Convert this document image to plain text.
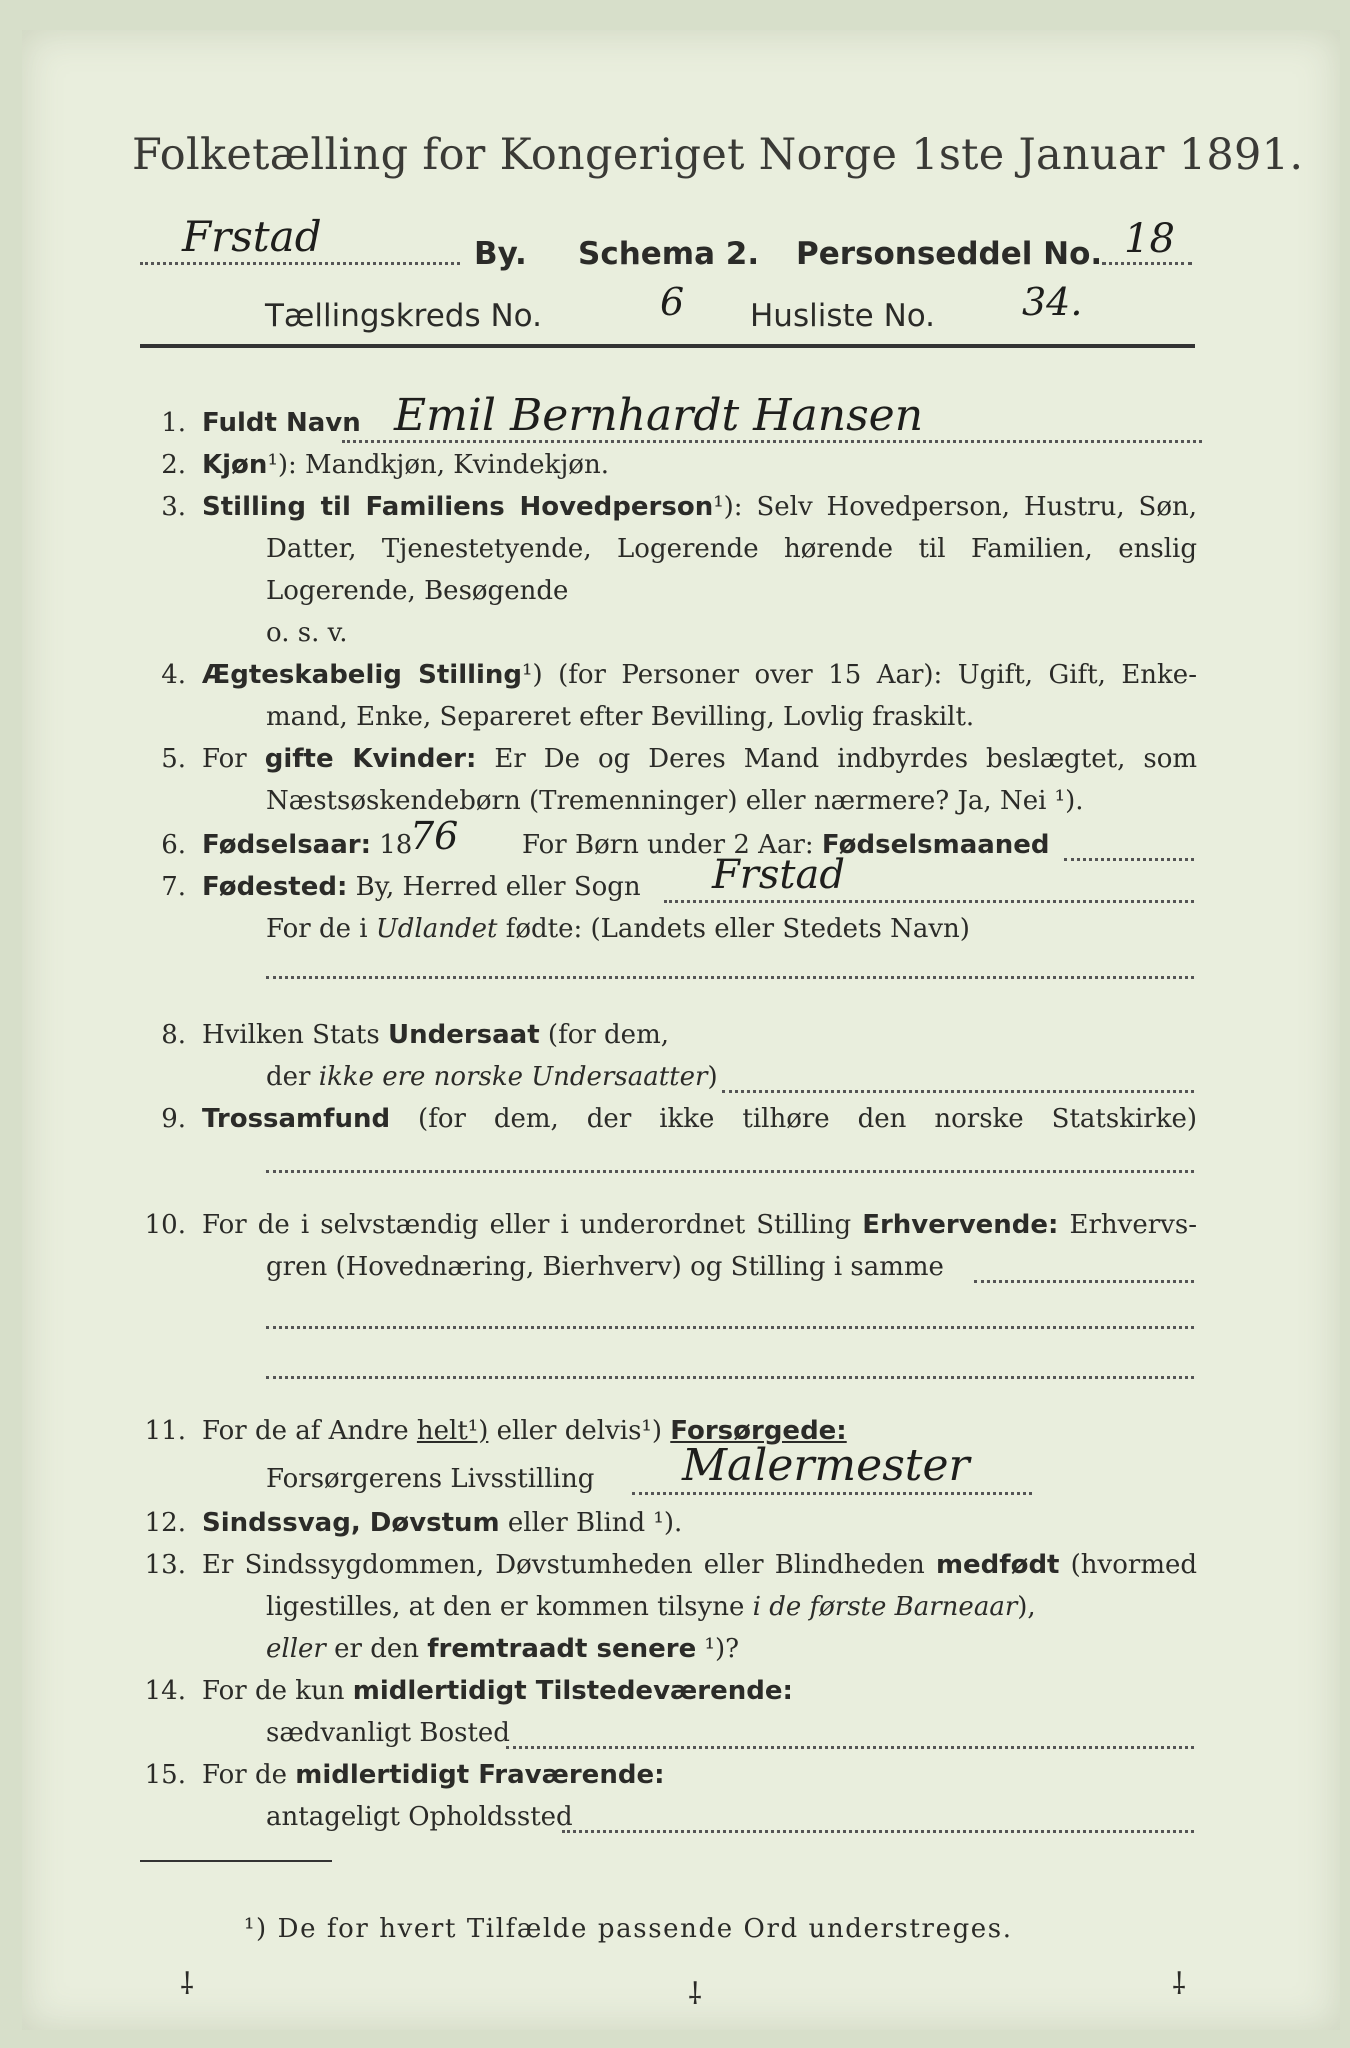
Folketælling for Kongeriget Norge 1ste Januar 1891.
Frstad	By. Schema 2. Personseddel No. 18
Tællingskreds No.	6 Husliste No. 34.
1. Fuldt Navn Emil Bernhardt Hansen
2. Kjøn¹): Mandkjøn, Kvindekjøn.
3. Stilling til Familiens Hovedperson¹): Selv Hovedperson, Hustru, Søn,
Datter, Tjenestetyende, Logerende hørende til Familien, enslig
Logerende, Besøgende
o. s. v.
4. Ægteskabelig Stilling¹) (for Personer over 15 Aar): Ugift, Gift, Enke-
mand, Enke, Separeret efter Bevilling, Lovlig fraskilt.
5. For gifte Kvinder: Er De og Deres Mand indbyrdes beslægtet, som
Næstsøskendebørn (Tremenninger) eller nærmere? Ja, Nei ¹).
6. Fødselsaar: 18
76 For Børn under 2 Aar: Fødselsmaaned
7. Fødested: By, Herred eller Sogn Frstad
For de i Udlandet fødte: (Landets eller Stedets Navn)
8. Hvilken Stats Undersaat (for dem,
der ikke ere norske Undersaatter)
9. Trossamfund (for dem, der ikke tilhøre den norske Statskirke)
10. For de i selvstændig eller i underordnet Stilling Erhvervende: Erhvervs-
gren (Hovednæring, Bierhverv) og Stilling i samme
11. For de af Andre helt¹) eller delvis¹) Forsørgede:
Forsørgerens Livsstilling Malermester
12. Sindssvag, Døvstum eller Blind ¹).
13. Er Sindssygdommen, Døvstumheden eller Blindheden medfødt (hvormed
ligestilles, at den er kommen tilsyne i de første Barneaar),
eller er den fremtraadt senere ¹)?
14. For de kun midlertidigt Tilstedeværende:
sædvanligt Bosted
15. For de midlertidigt Fraværende:
antageligt Opholdssted
¹) De for hvert Tilfælde passende Ord understreges.
⸸	⸸	⸸
